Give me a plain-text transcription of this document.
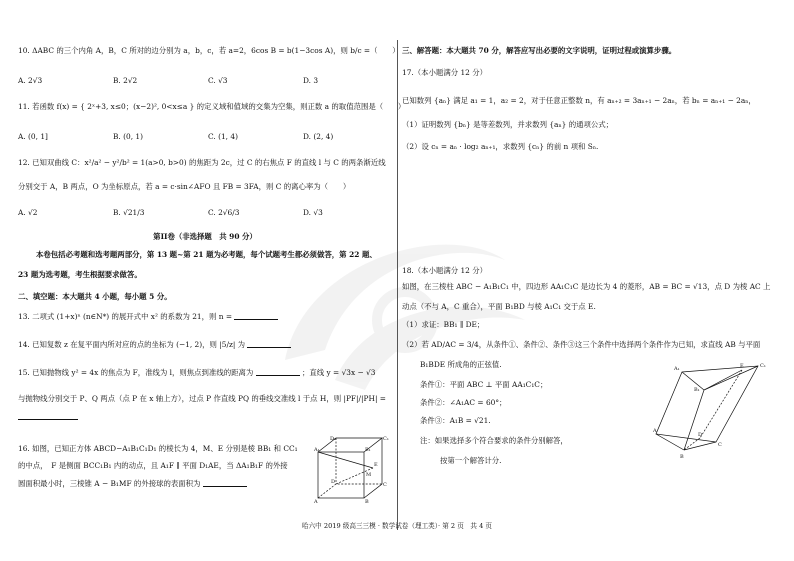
10. ΔABC 的三个内角 A，B，C 所对的边分别为 a，b，c，若 a=2，6cos B = b(1−3cos A)，则 b/c =（　　）
A. 2√3	B. 2√2	C. √3	D. 3
11. 若函数 f(x) = { 2ˣ+3, x≤0；(x−2)², 0<x≤a } 的定义域和值域的交集为空集，则正数 a 的取值范围是（　　）
A. (0, 1]	B. (0, 1)	C. (1, 4)	D. (2, 4)
12. 已知双曲线 C：x²/a² − y²/b² = 1(a>0, b>0) 的焦距为 2c，过 C 的右焦点 F 的直线 l 与 C 的两条渐近线
分别交于 A，B 两点，O 为坐标原点，若 a = c·sin∠AFO 且 FB = 3FA，则 C 的离心率为（　　）
A. √2	B. √21/3	C. 2√6/3	D. √3
第II卷（非选择题　共 90 分）
本卷包括必考题和选考题两部分，第 13 题~第 21 题为必考题，每个试题考生都必须做答，第 22 题、
23 题为选考题，考生根据要求做答。
二、填空题：本大题共 4 小题，每小题 5 分。
13. 二项式 (1+x)ⁿ (n∈N*) 的展开式中 x² 的系数为 21，则 n =
14. 已知复数 z 在复平面内所对应的点的坐标为 (−1, 2)，则 |5/z| 为
15. 已知抛物线 y² = 4x 的焦点为 F，准线为 l，则焦点到准线的距离为	；直线 y = √3x − √3
与抛物线分别交于 P、Q 两点（点 P 在 x 轴上方），过点 P 作直线 PQ 的垂线交准线 l 于点 H，则 |PF|/|PH| =
16. 如图，已知正方体 ABCD−A₁B₁C₁D₁ 的棱长为 4，M、E 分别是棱 BB₁ 和 CC₁
的中点，　F 是侧面 BCC₁B₁ 内的动点，且 A₁F ∥ 平面 D₁AE，当 ΔA₁B₁F 的外接
圆面积最小时，三棱锥 A − B₁MF 的外接球的表面积为
D₁	C₁
A₁	B₁
D	C
A	B
M
E
三、解答题：本大题共 70 分，解答应写出必要的文字说明，证明过程或演算步骤。
17.（本小题满分 12 分）
已知数列 {aₙ} 满足 a₁ = 1，a₂ = 2，对于任意正整数 n，有 aₙ₊₂ = 3aₙ₊₁ − 2aₙ，若 bₙ = aₙ₊₁ − 2aₙ，
（1）证明数列 {bₙ} 是等差数列，并求数列 {aₙ} 的通项公式；
（2）设 cₙ = aₙ · log₂ aₙ₊₁，求数列 {cₙ} 的前 n 项和 Sₙ.
18.（本小题满分 12 分）
如图，在三棱柱 ABC − A₁B₁C₁ 中，四边形 AA₁C₁C 是边长为 4 的菱形，AB = BC = √13，点 D 为棱 AC 上
动点（不与 A，C 重合），平面 B₁BD 与棱 A₁C₁ 交于点 E.
（1）求证：BB₁ ∥ DE；
（2）若 AD/AC = 3/4，从条件①、条件②、条件③这三个条件中选择两个条件作为已知，求直线 AB 与平面
B₁BDE 所成角的正弦值.
条件①：平面 ABC ⊥ 平面 AA₁C₁C；
条件②：∠A₁AC = 60°；
条件③：A₁B = √21.
注：如果选择多个符合要求的条件分别解答，
按第一个解答计分.
A₁	E	C₁
B₁
A
D
C
B
哈六中 2019 级高三三模 · 数学试卷（理工类）· 第 2 页　共 4 页
